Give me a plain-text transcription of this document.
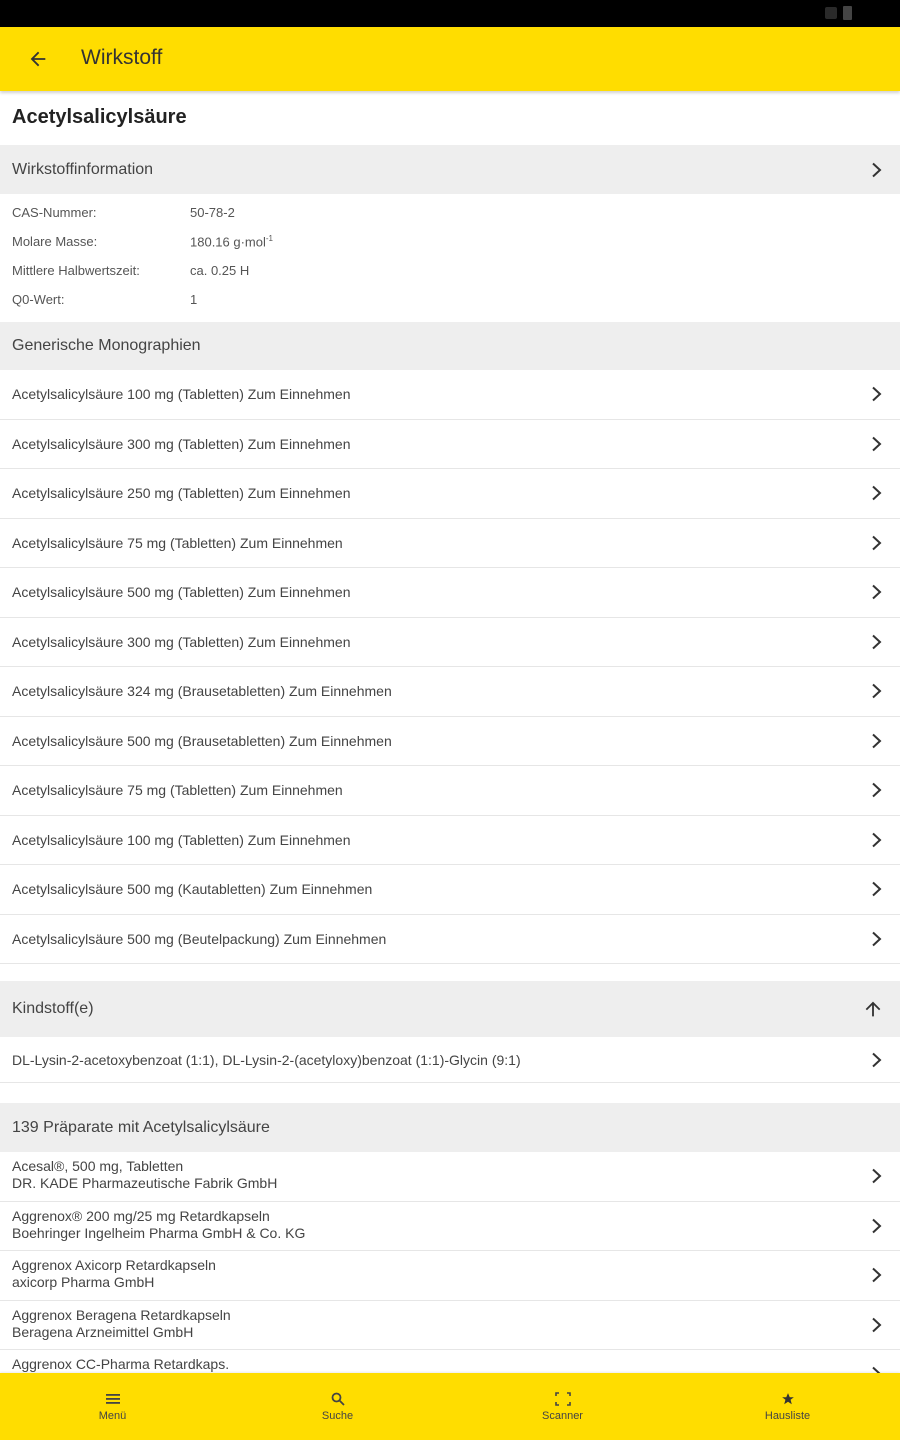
Wirkstoff
Acetylsalicylsäure
Wirkstoffinformation
CAS-Nummer:	50-78-2
Molare Masse:	180.16 g·mol$^{-1}$
Mittlere Halbwertszeit:	ca. 0.25 H
Q0-Wert:	1
Generische Monographien
Acetylsalicylsäure 100 mg (Tabletten) Zum Einnehmen
Acetylsalicylsäure 300 mg (Tabletten) Zum Einnehmen
Acetylsalicylsäure 250 mg (Tabletten) Zum Einnehmen
Acetylsalicylsäure 75 mg (Tabletten) Zum Einnehmen
Acetylsalicylsäure 500 mg (Tabletten) Zum Einnehmen
Acetylsalicylsäure 300 mg (Tabletten) Zum Einnehmen
Acetylsalicylsäure 324 mg (Brausetabletten) Zum Einnehmen
Acetylsalicylsäure 500 mg (Brausetabletten) Zum Einnehmen
Acetylsalicylsäure 75 mg (Tabletten) Zum Einnehmen
Acetylsalicylsäure 100 mg (Tabletten) Zum Einnehmen
Acetylsalicylsäure 500 mg (Kautabletten) Zum Einnehmen
Acetylsalicylsäure 500 mg (Beutelpackung) Zum Einnehmen
Kindstoff(e)
DL-Lysin-2-acetoxybenzoat (1:1), DL-Lysin-2-(acetyloxy)benzoat (1:1)-Glycin (9:1)
139 Präparate mit Acetylsalicylsäure
Acesal®, 500 mg, Tabletten
DR. KADE Pharmazeutische Fabrik GmbH
Aggrenox® 200 mg/25 mg Retardkapseln
Boehringer Ingelheim Pharma GmbH & Co. KG
Aggrenox Axicorp Retardkapseln
axicorp Pharma GmbH
Aggrenox Beragena Retardkapseln
Beragena Arzneimittel GmbH
Aggrenox CC-Pharma Retardkaps.
Menü	Suche	Scanner	Hausliste
